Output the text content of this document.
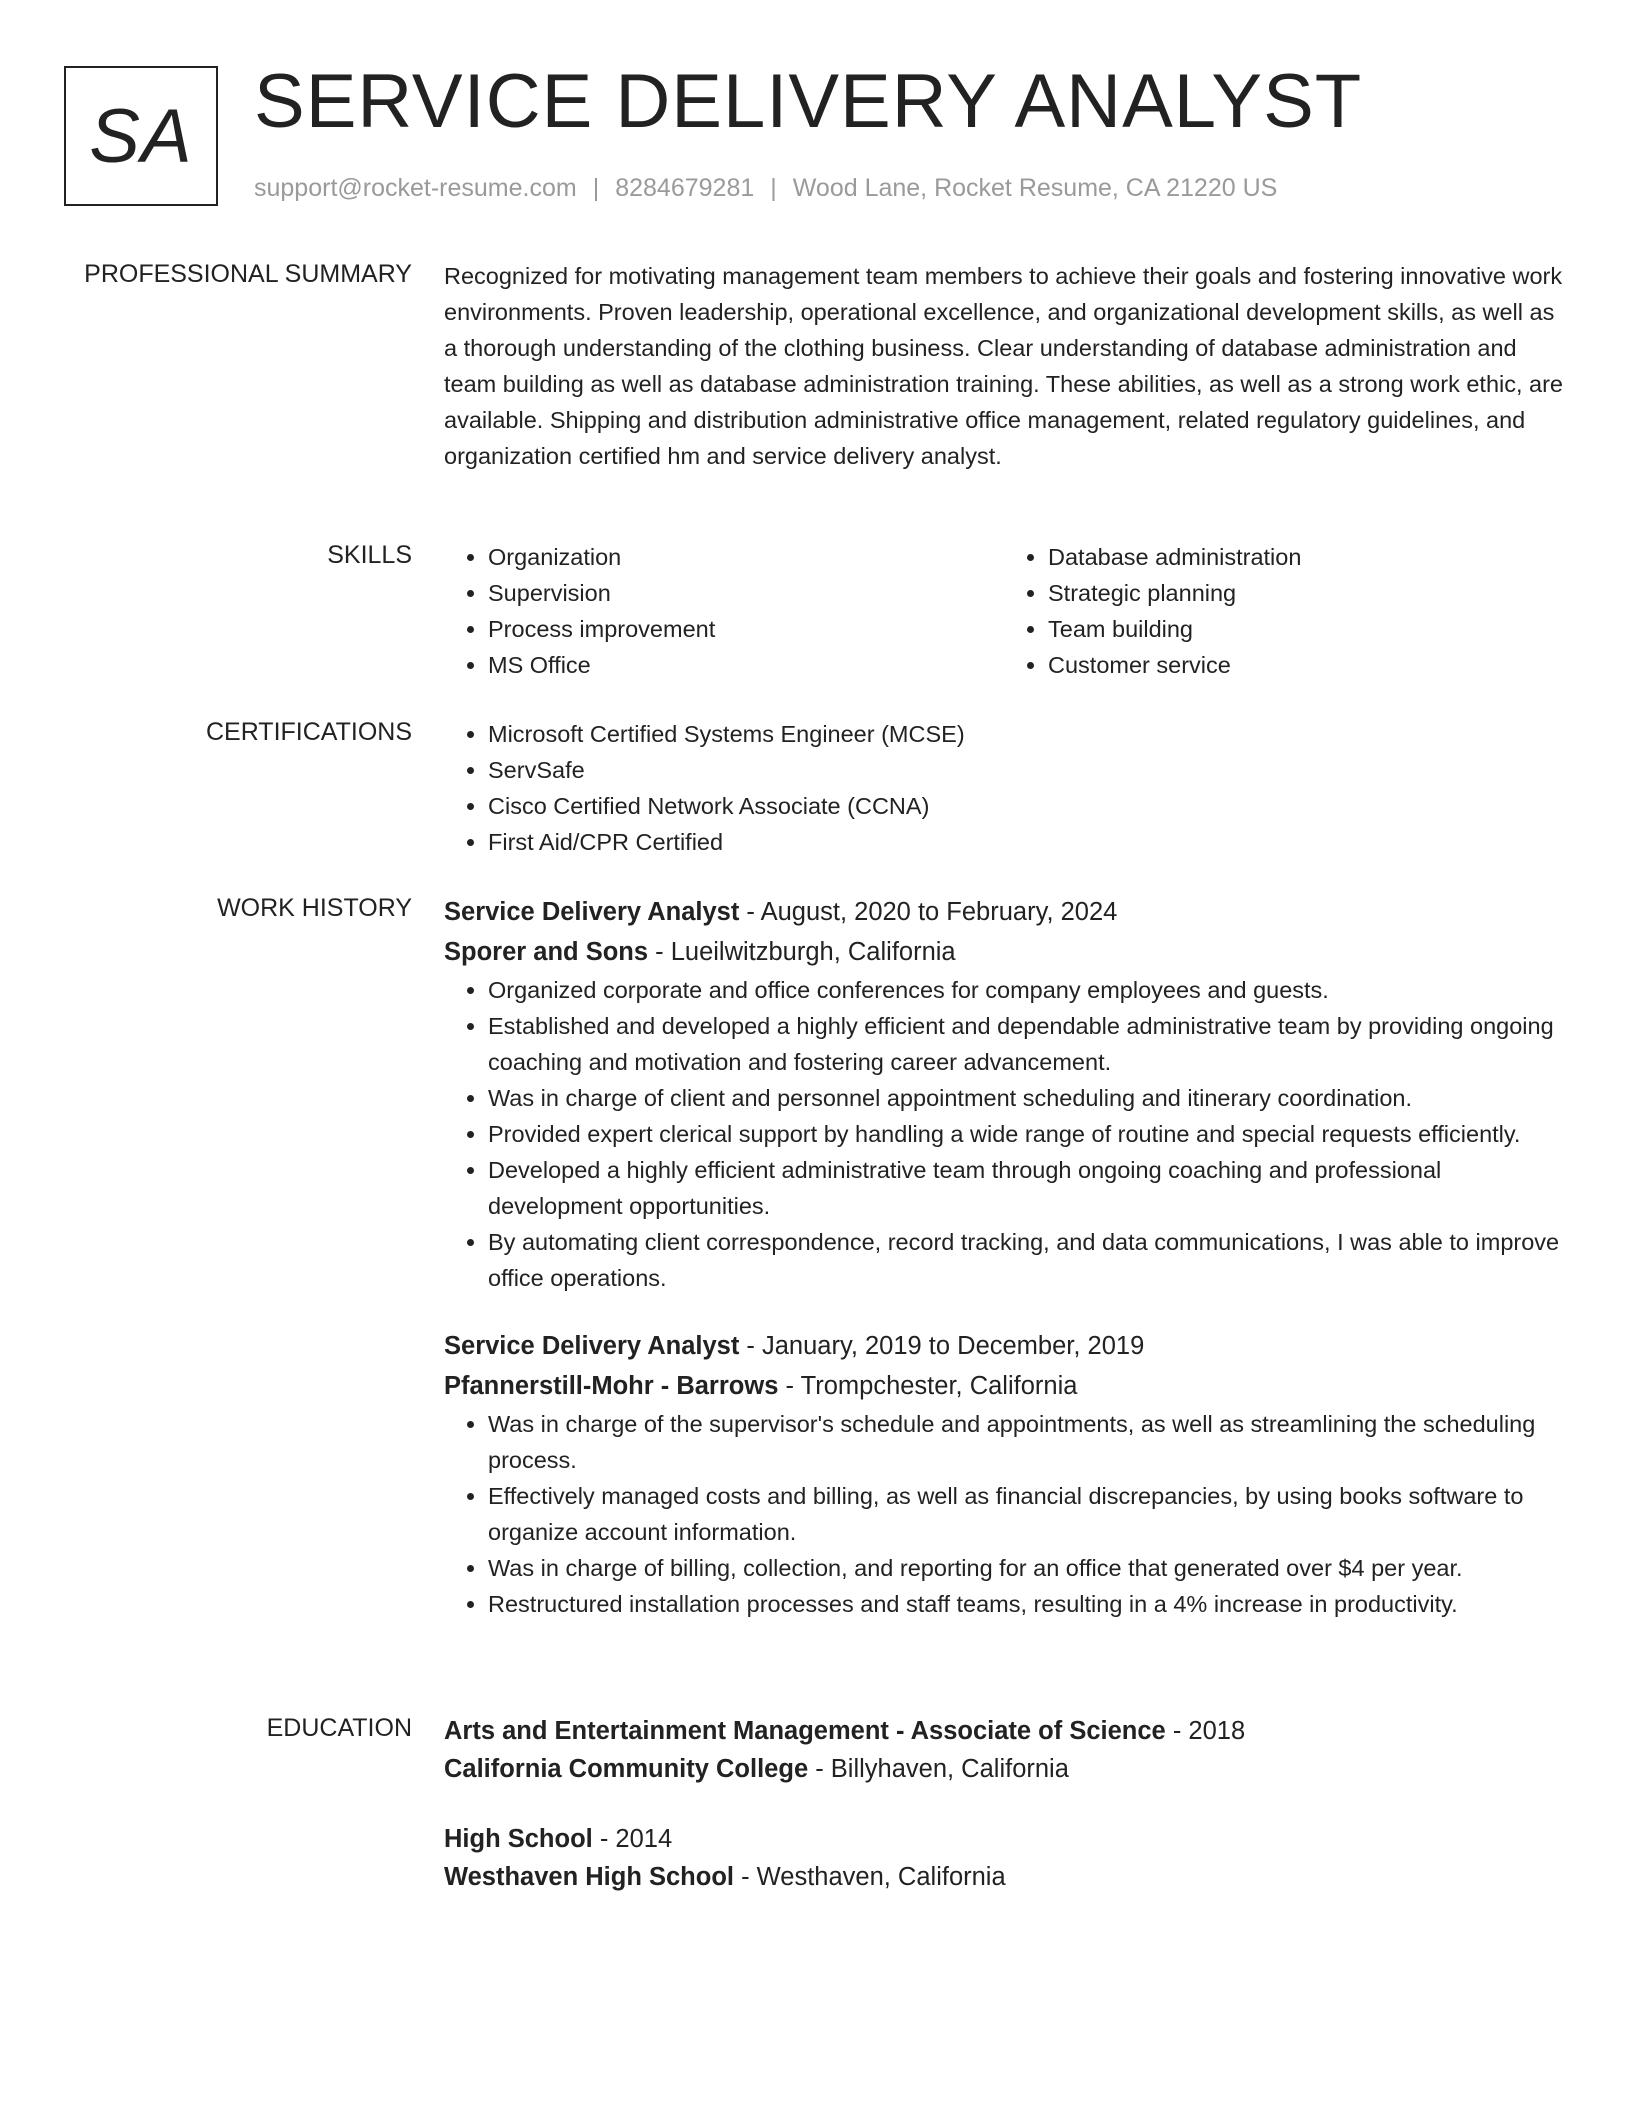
SA SERVICE DELIVERY ANALYST
support@rocket-resume.com | 8284679281 | Wood Lane, Rocket Resume, CA 21220 US
PROFESSIONAL SUMMARY Recognized for motivating management team members to achieve their goals and fostering innovative work environments. Proven leadership, operational excellence, and organizational development skills, as well as a thorough understanding of the clothing business. Clear understanding of database administration and team building as well as database administration training. These abilities, as well as a strong work ethic, are available. Shipping and distribution administrative office management, related regulatory guidelines, and organization certified hm and service delivery analyst.

SKILLS	• Organization
• Supervision
• Process improvement
• MS Office
• Database administration
• Strategic planning
• Team building
• Customer service
CERTIFICATIONS	• Microsoft Certified Systems Engineer (MCSE)
• ServSafe
• Cisco Certified Network Associate (CCNA)
• First Aid/CPR Certified
WORK HISTORY Service Delivery Analyst - August, 2020 to February, 2024
Sporer and Sons - Lueilwitzburgh, California
• Organized corporate and office conferences for company employees and guests.
• Established and developed a highly efficient and dependable administrative team by providing ongoing coaching and motivation and fostering career advancement.
• Was in charge of client and personnel appointment scheduling and itinerary coordination.
• Provided expert clerical support by handling a wide range of routine and special requests efficiently.
• Developed a highly efficient administrative team through ongoing coaching and professional development opportunities.
• By automating client correspondence, record tracking, and data communications, I was able to improve office operations.
Service Delivery Analyst - January, 2019 to December, 2019
Pfannerstill-Mohr - Barrows - Trompchester, California
• Was in charge of the supervisor's schedule and appointments, as well as streamlining the scheduling process.
• Effectively managed costs and billing, as well as financial discrepancies, by using books software to organize account information.
• Was in charge of billing, collection, and reporting for an office that generated over $4 per year.
• Restructured installation processes and staff teams, resulting in a 4% increase in productivity.
EDUCATION Arts and Entertainment Management - Associate of Science - 2018
California Community College - Billyhaven, California
High School - 2014
Westhaven High School - Westhaven, California
